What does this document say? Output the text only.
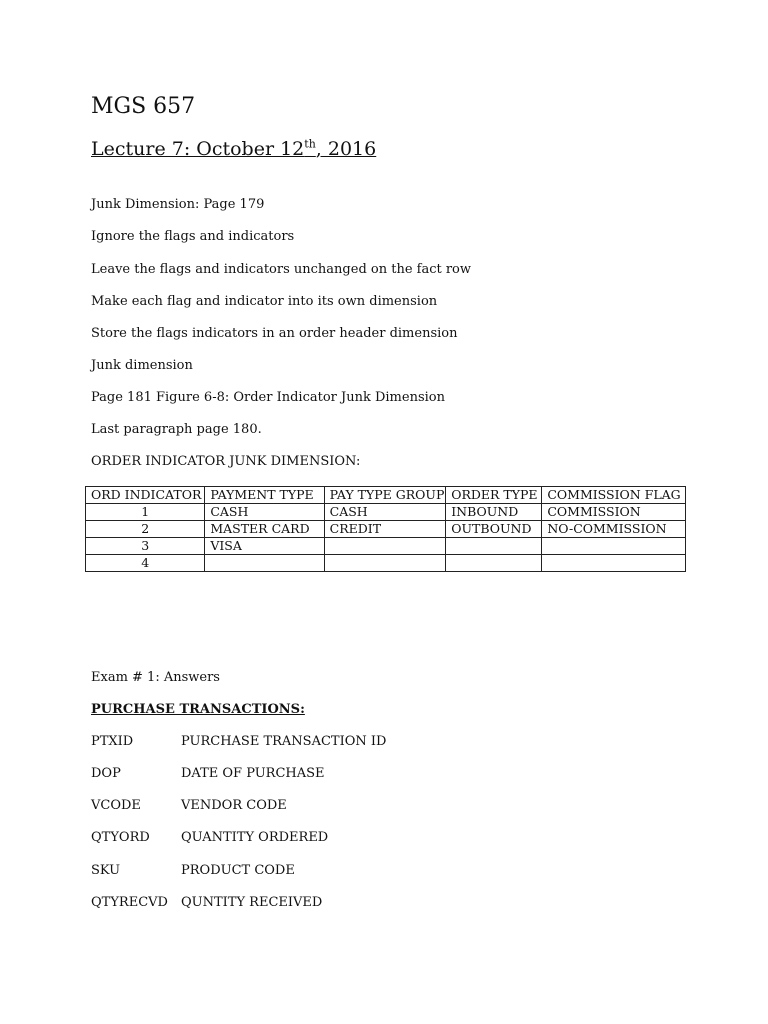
MGS 657
Lecture 7: October 12th, 2016
Junk Dimension: Page 179
Ignore the flags and indicators
Leave the flags and indicators unchanged on the fact row
Make each flag and indicator into its own dimension
Store the flags indicators in an order header dimension
Junk dimension
Page 181 Figure 6-8: Order Indicator Junk Dimension
Last paragraph page 180.
ORDER INDICATOR JUNK DIMENSION:
ORD INDICATOR	PAYMENT TYPE	PAY TYPE GROUP	ORDER TYPE	COMMISSION FLAG
1	CASH	CASH	INBOUND	COMMISSION
2	MASTER CARD	CREDIT	OUTBOUND	NO-COMMISSION
3	VISA			
4				
Exam # 1: Answers
PURCHASE TRANSACTIONS:
PTXID	PURCHASE TRANSACTION ID
DOP	DATE OF PURCHASE
VCODE	VENDOR CODE
QTYORD QUANTITY ORDERED
SKU	PRODUCT CODE
QTYRECVD QUNTITY RECEIVED
